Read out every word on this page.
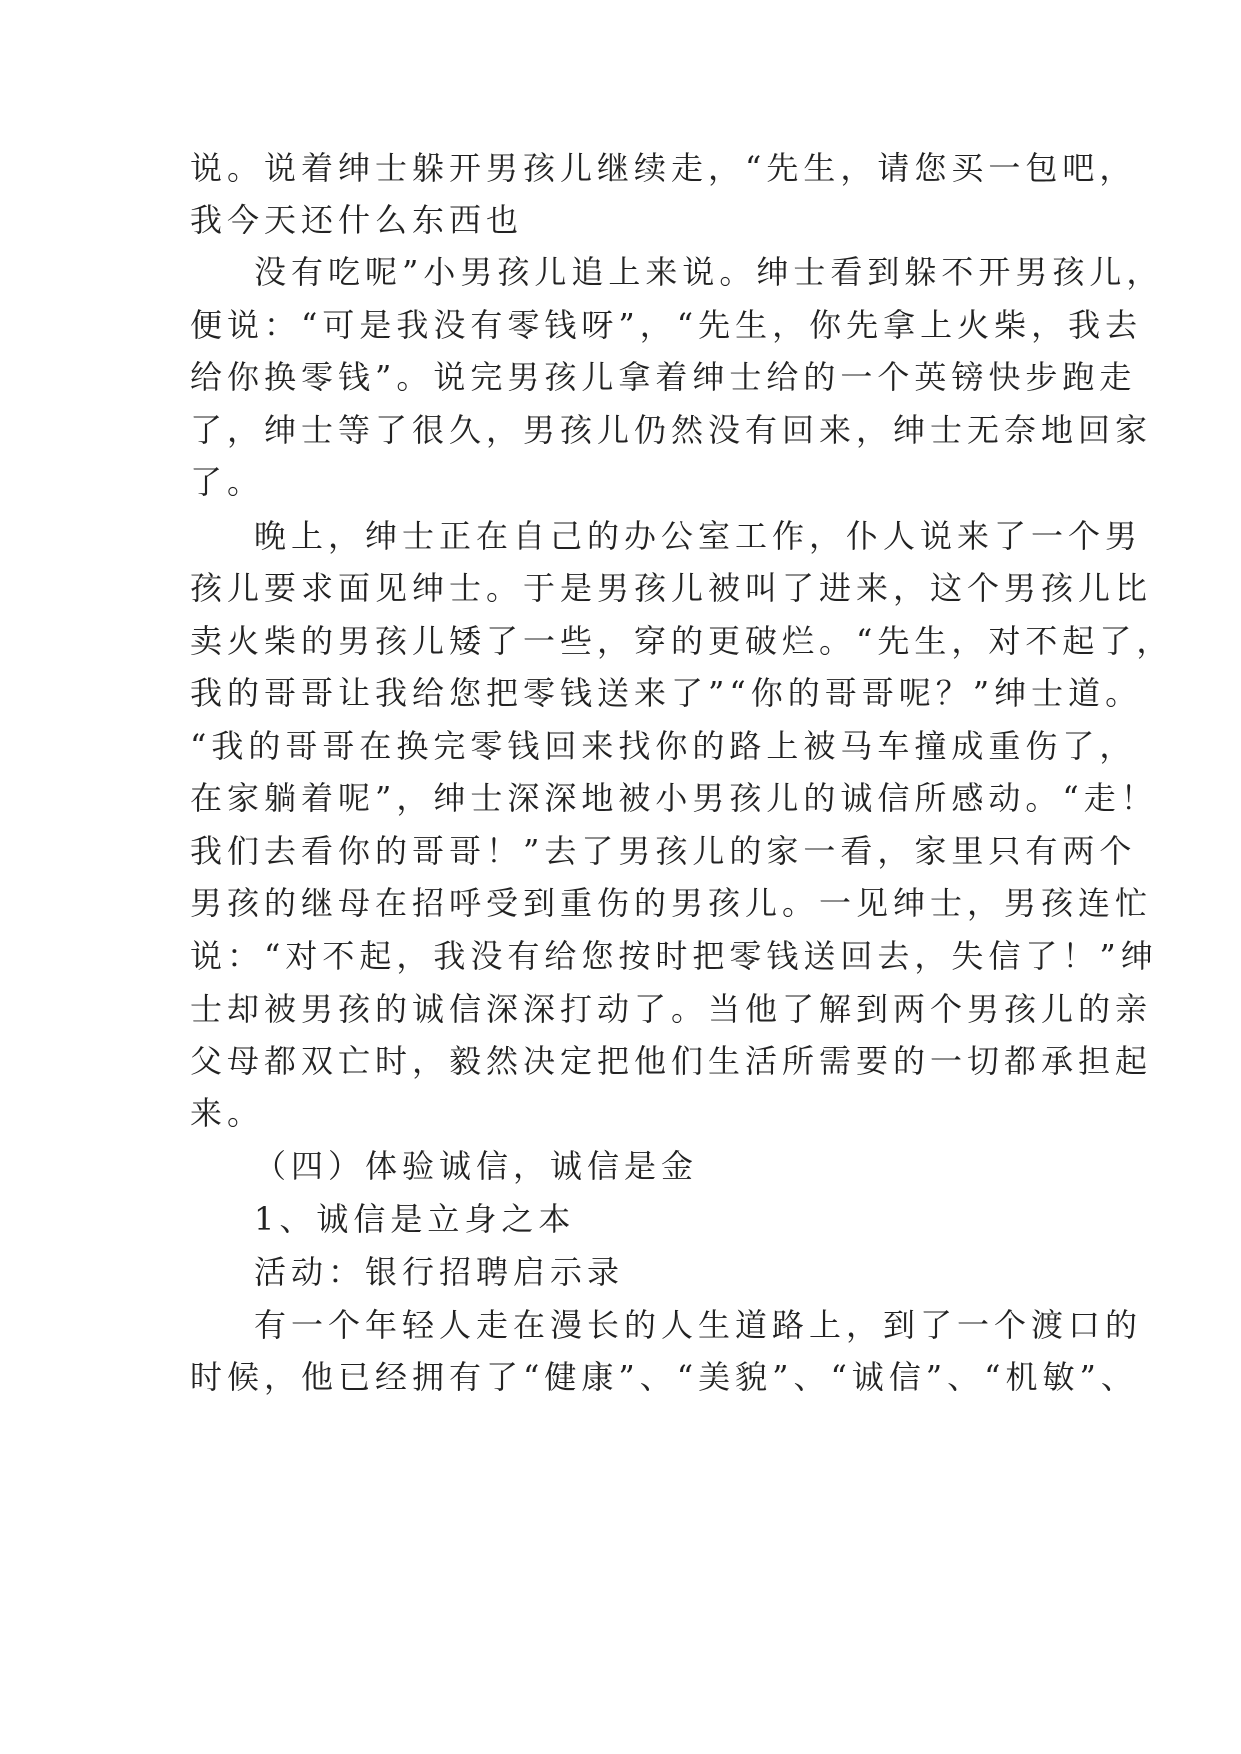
说。说着绅士躲开男孩儿继续走，“先生，请您买一包吧，
我今天还什么东西也
没有吃呢”小男孩儿追上来说。绅士看到躲不开男孩儿，
便说：“可是我没有零钱呀”，“先生，你先拿上火柴，我去
给你换零钱”。说完男孩儿拿着绅士给的一个英镑快步跑走
了，绅士等了很久，男孩儿仍然没有回来，绅士无奈地回家
了。
晚上，绅士正在自己的办公室工作，仆人说来了一个男
孩儿要求面见绅士。于是男孩儿被叫了进来，这个男孩儿比
卖火柴的男孩儿矮了一些，穿的更破烂。“先生，对不起了，
我的哥哥让我给您把零钱送来了”“你的哥哥呢？”绅士道。
“我的哥哥在换完零钱回来找你的路上被马车撞成重伤了，
在家躺着呢”，绅士深深地被小男孩儿的诚信所感动。“走！
我们去看你的哥哥！”去了男孩儿的家一看，家里只有两个
男孩的继母在招呼受到重伤的男孩儿。一见绅士，男孩连忙
说：“对不起，我没有给您按时把零钱送回去，失信了！”绅
士却被男孩的诚信深深打动了。当他了解到两个男孩儿的亲
父母都双亡时，毅然决定把他们生活所需要的一切都承担起
来。
（四）体验诚信，诚信是金
1、诚信是立身之本
活动：银行招聘启示录
有一个年轻人走在漫长的人生道路上，到了一个渡口的
时候，他已经拥有了“健康”、“美貌”、“诚信”、“机敏”、
